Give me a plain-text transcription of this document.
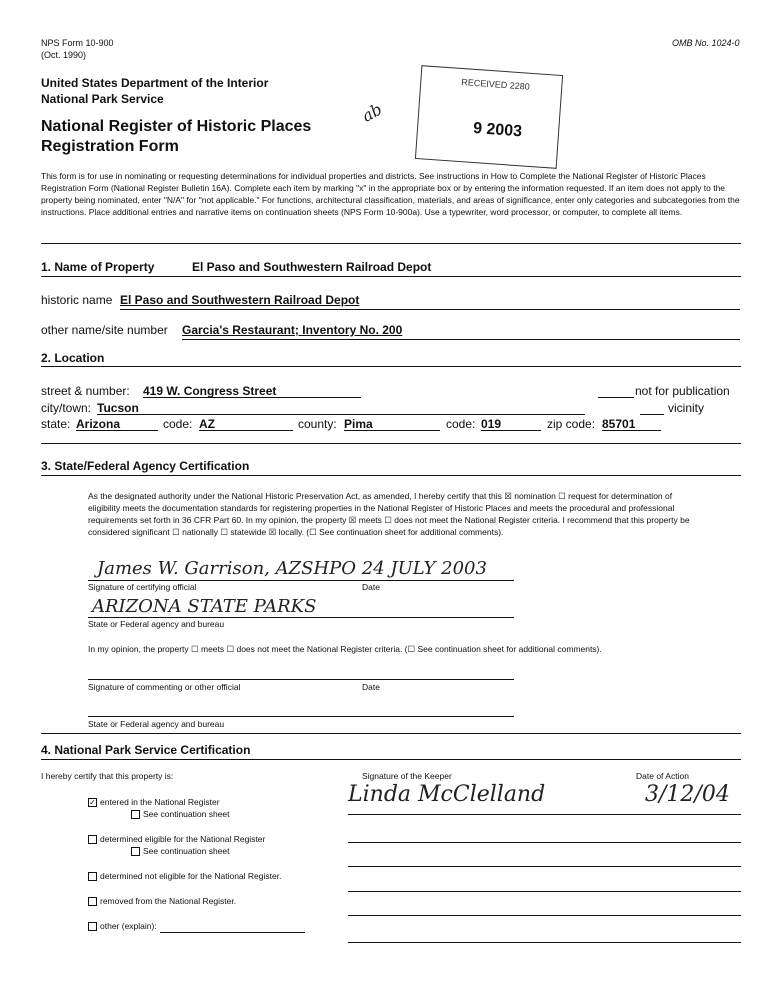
NPS Form 10-900
(Oct. 1990)
OMB No. 1024-0
United States Department of the Interior
National Park Service
National Register of Historic Places
Registration Form
RECEIVED 2280
9 2003
ab
This form is for use in nominating or requesting determinations for individual properties and districts. See instructions in How to Complete the National Register of Historic Places Registration Form (National Register Bulletin 16A). Complete each item by marking "x" in the appropriate box or by entering the information requested. If an item does not apply to the property being nominated, enter "N/A" for "not applicable." For functions, architectural classification, materials, and areas of significance, enter only categories and subcategories from the instructions. Place additional entries and narrative items on continuation sheets (NPS Form 10-900a). Use a typewriter, word processor, or computer, to complete all items.
1. Name of Property	El Paso and Southwestern Railroad Depot
historic name El Paso and Southwestern Railroad Depot
other name/site number Garcia's Restaurant; Inventory No. 200
2. Location
street & number: 419 W. Congress Street	not for publication
city/town: Tucson	vicinity
state: Arizona	code: AZ	county: Pima	code: 019	zip code: 85701
3. State/Federal Agency Certification
As the designated authority under the National Historic Preservation Act, as amended, I hereby certify that this ☒ nomination ☐ request for determination of eligibility meets the documentation standards for registering properties in the National Register of Historic Places and meets the procedural and professional requirements set forth in 36 CFR Part 60. In my opinion, the property ☒ meets ☐ does not meet the National Register criteria. I recommend that this property be considered significant ☐ nationally ☐ statewide ☒ locally. (☐ See continuation sheet for additional comments).
James W. Garrison, AZSHPO 24 JULY 2003
Signature of certifying official	Date
ARIZONA STATE PARKS
State or Federal agency and bureau
In my opinion, the property ☐ meets ☐ does not meet the National Register criteria. (☐ See continuation sheet for additional comments).
Signature of commenting or other official	Date
State or Federal agency and bureau
4. National Park Service Certification
I hereby certify that this property is:	Signature of the Keeper	Date of Action
Linda McClelland	3/12/04
✓ entered in the National Register
See continuation sheet
determined eligible for the National Register
See continuation sheet
determined not eligible for the National Register.
removed from the National Register.
other (explain):
